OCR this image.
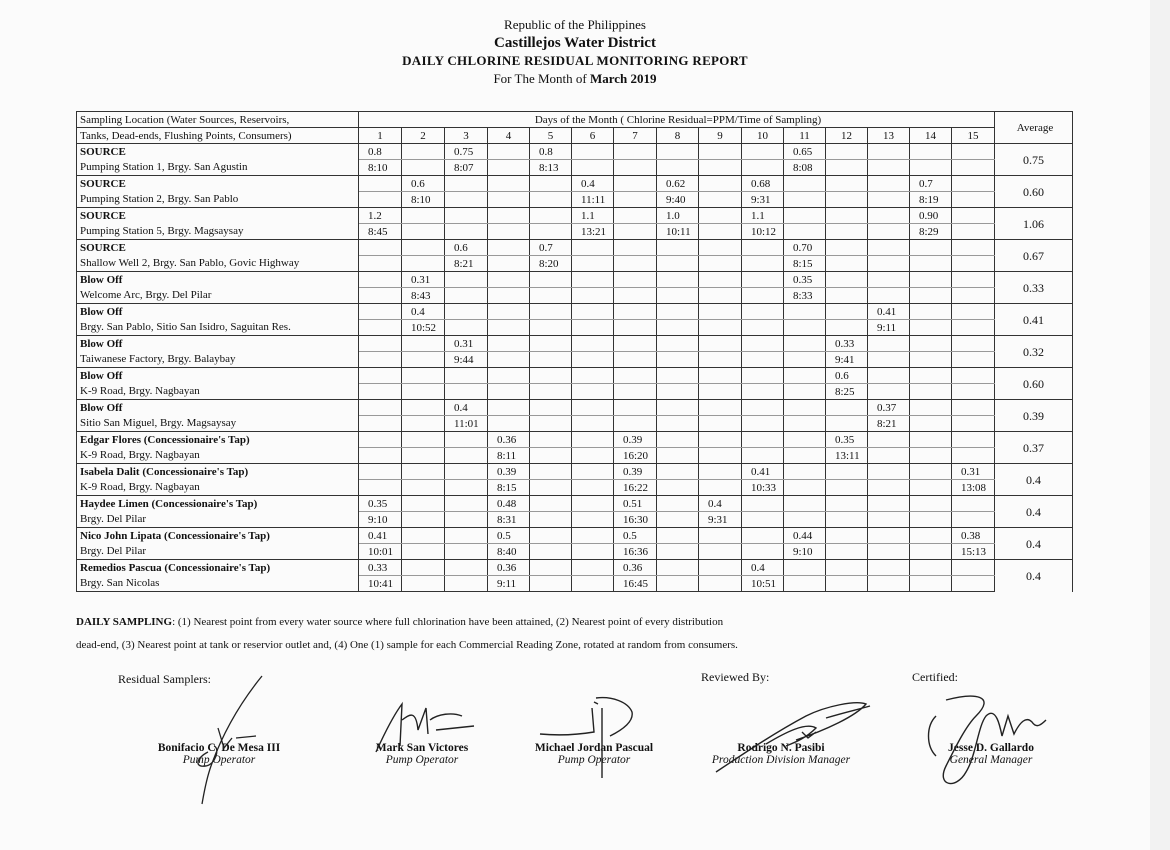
Republic of the Philippines
Castillejos Water District
DAILY CHLORINE RESIDUAL MONITORING REPORT
For The Month of March 2019
Sampling Location (Water Sources, Reservoirs,	Days of the Month ( Chlorine Residual=PPM/Time of Sampling)															Average
Tanks, Dead-ends, Flushing Points, Consumers)	1	2	3	4	5	6	7	8	9	10	11	12	13	14	15	
SOURCE	0.8		0.75		0.8						0.65					0.75
Pumping Station 1, Brgy. San Agustin	8:10		8:07		8:13						8:08					
SOURCE		0.6				0.4		0.62		0.68				0.7		0.60
Pumping Station 2, Brgy. San Pablo		8:10				11:11		9:40		9:31				8:19		
SOURCE	1.2					1.1		1.0		1.1				0.90		1.06
Pumping Station 5, Brgy. Magsaysay	8:45					13:21		10:11		10:12				8:29		
SOURCE			0.6		0.7						0.70					0.67
Shallow Well 2, Brgy. San Pablo, Govic Highway			8:21		8:20						8:15					
Blow Off		0.31									0.35					0.33
Welcome Arc, Brgy. Del Pilar		8:43									8:33					
Blow Off		0.4											0.41			0.41
Brgy. San Pablo, Sitio San Isidro, Saguitan Res.		10:52											9:11			
Blow Off			0.31									0.33				0.32
Taiwanese Factory, Brgy. Balaybay			9:44									9:41				
Blow Off												0.6				0.60
K-9 Road, Brgy. Nagbayan												8:25				
Blow Off			0.4										0.37			0.39
Sitio San Miguel, Brgy. Magsaysay			11:01										8:21			
Edgar Flores (Concessionaire's Tap)				0.36			0.39					0.35				0.37
K-9 Road, Brgy. Nagbayan				8:11			16:20					13:11				
Isabela Dalit (Concessionaire's Tap)				0.39			0.39			0.41					0.31	0.4
K-9 Road, Brgy. Nagbayan				8:15			16:22			10:33					13:08	
Haydee Limen (Concessionaire's Tap)	0.35			0.48			0.51		0.4							0.4
Brgy. Del Pilar	9:10			8:31			16:30		9:31							
Nico John Lipata (Concessionaire's Tap)	0.41			0.5			0.5				0.44				0.38	0.4
Brgy. Del Pilar	10:01			8:40			16:36				9:10				15:13	
Remedios Pascua (Concessionaire's Tap)	0.33			0.36			0.36			0.4						0.4
Brgy. San Nicolas	10:41			9:11			16:45			10:51						
DAILY SAMPLING: (1) Nearest point from every water source where full chlorination have been attained, (2) Nearest point of every distribution
dead-end, (3) Nearest point at tank or reservior outlet and, (4) One (1) sample for each Commercial Reading Zone, rotated at random from consumers.
Residual Samplers:	Reviewed By:	Certified:
Bonifacio C. De Mesa III
Pump Operator
Mark San Victores
Pump Operator
Michael Jordan Pascual
Pump Operator
Rodrigo N. Pasibi
Production Division Manager
Jesse D. Gallardo
General Manager
